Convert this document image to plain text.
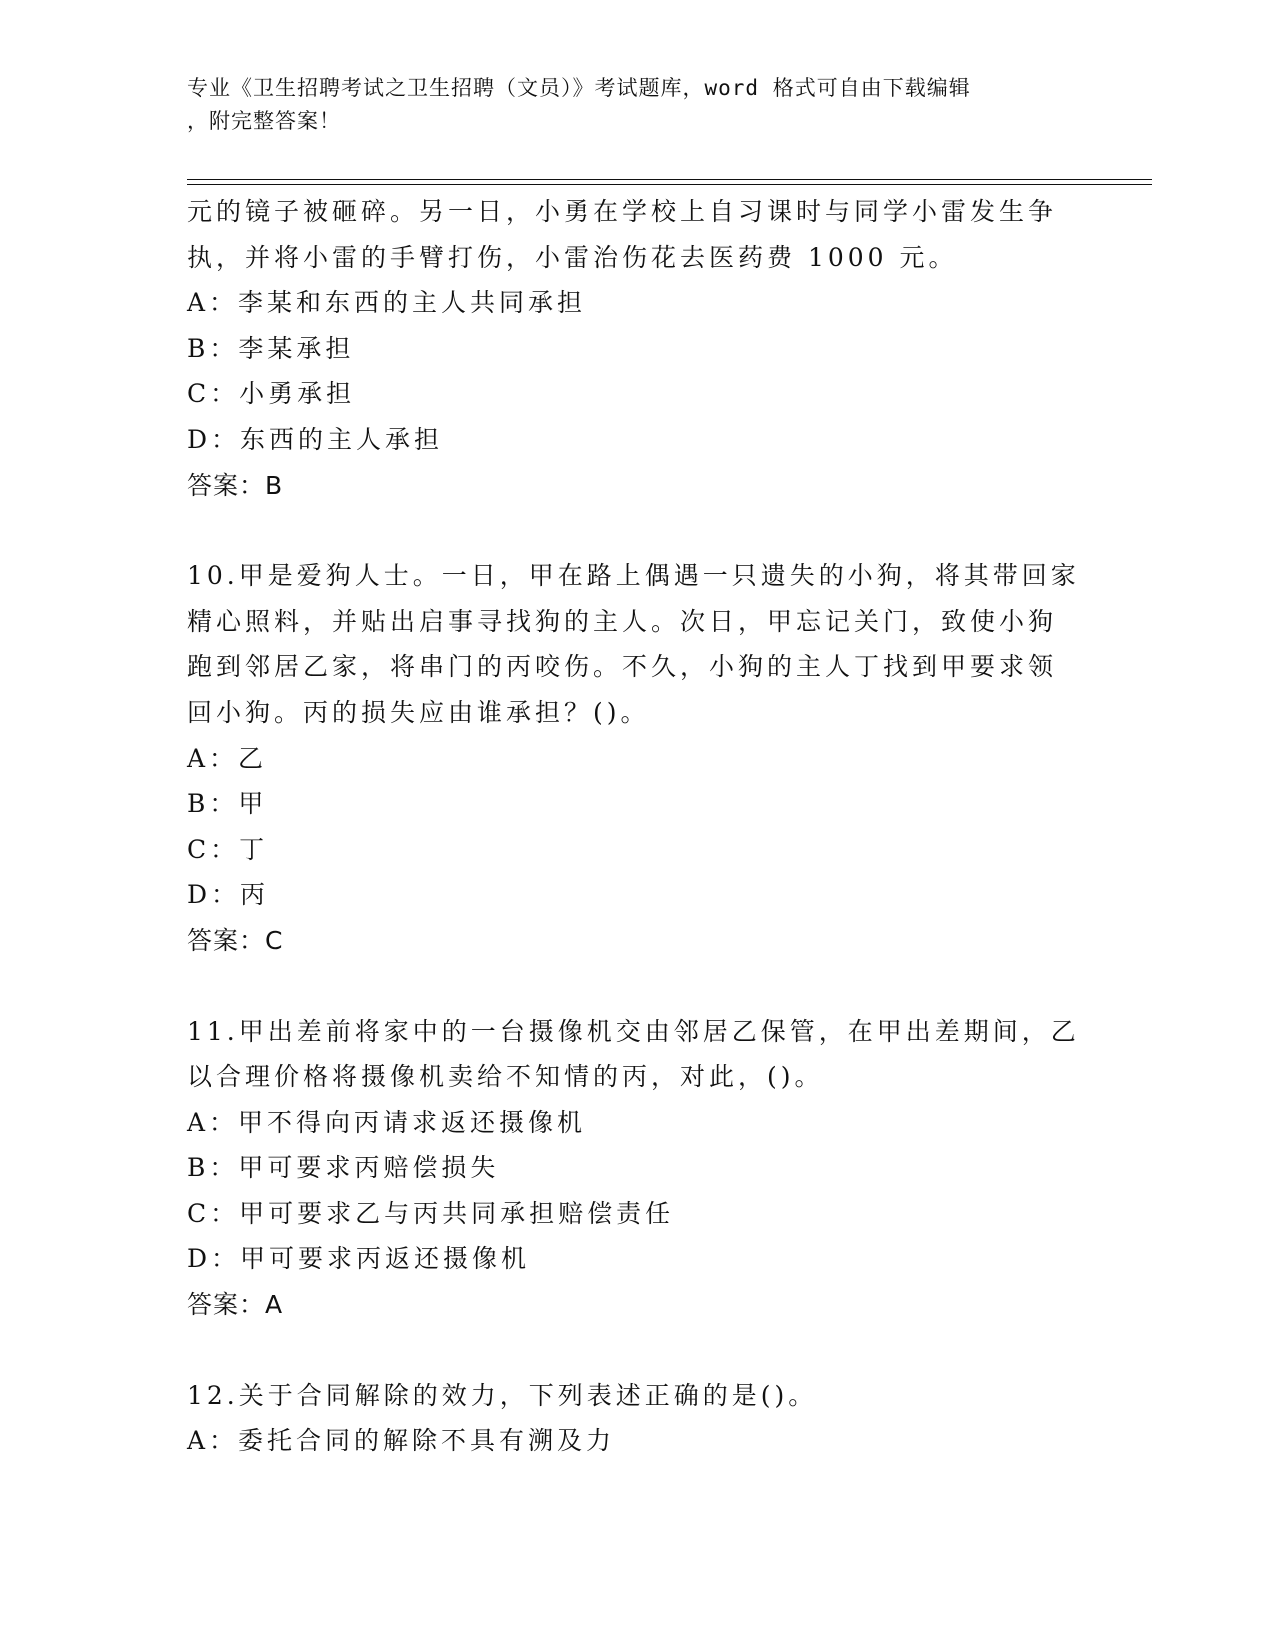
专业《卫生招聘考试之卫生招聘（文员）》考试题库，word 格式可自由下载编辑
，附完整答案！
元的镜子被砸碎。另一日，小勇在学校上自习课时与同学小雷发生争
执，并将小雷的手臂打伤，小雷治伤花去医药费 1000 元。
A：李某和东西的主人共同承担
B：李某承担
C：小勇承担
D：东西的主人承担
答案：B
10.甲是爱狗人士。一日，甲在路上偶遇一只遗失的小狗，将其带回家
精心照料，并贴出启事寻找狗的主人。次日，甲忘记关门，致使小狗
跑到邻居乙家，将串门的丙咬伤。不久，小狗的主人丁找到甲要求领
回小狗。丙的损失应由谁承担？()。
A：乙
B：甲
C：丁
D：丙
答案：C
11.甲出差前将家中的一台摄像机交由邻居乙保管，在甲出差期间，乙
以合理价格将摄像机卖给不知情的丙，对此，()。
A：甲不得向丙请求返还摄像机
B：甲可要求丙赔偿损失
C：甲可要求乙与丙共同承担赔偿责任
D：甲可要求丙返还摄像机
答案：A
12.关于合同解除的效力，下列表述正确的是()。
A：委托合同的解除不具有溯及力
